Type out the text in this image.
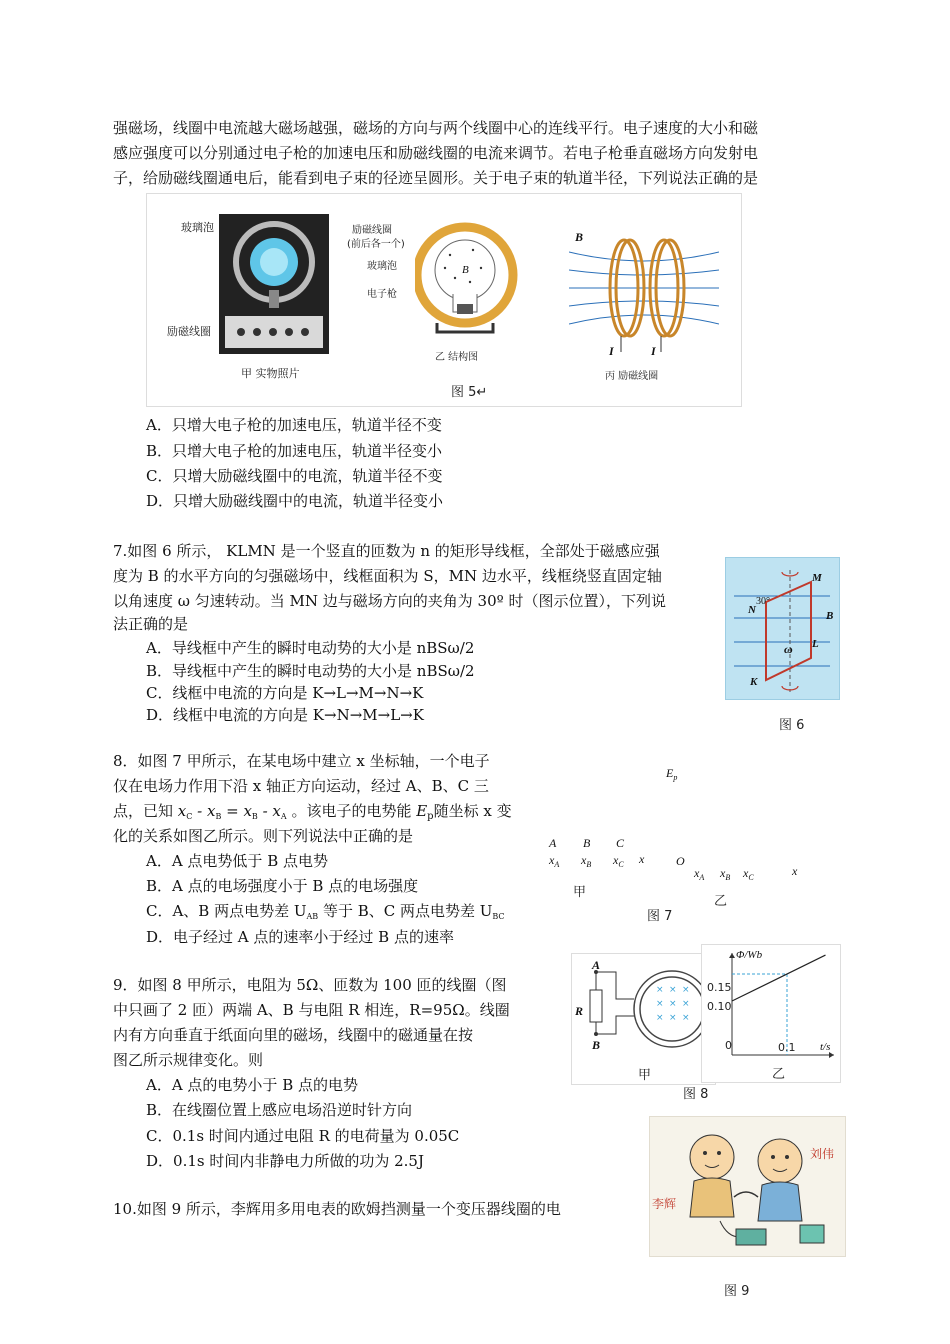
强磁场，线圈中电流越大磁场越强，磁场的方向与两个线圈中心的连线平行。电子速度的大小和磁
感应强度可以分别通过电子枪的加速电压和励磁线圈的电流来调节。若电子枪垂直磁场方向发射电
子，给励磁线圈通电后，能看到电子束的径迹呈圆形。关于电子束的轨道半径，下列说法正确的是
玻璃泡
励磁线圈
甲 实物照片
励磁线圈
(前后各一个)
玻璃泡
电子枪
B
乙 结构图
B
I	I
丙 励磁线圈
图 5↵
A．只增大电子枪的加速电压，轨道半径不变
B．只增大电子枪的加速电压，轨道半径变小
C．只增大励磁线圈中的电流，轨道半径不变
D．只增大励磁线圈中的电流，轨道半径变小
7.如图 6 所示， KLMN 是一个竖直的匝数为 n 的矩形导线框，全部处于磁感应强
度为 B 的水平方向的匀强磁场中，线框面积为 S，MN 边水平，线框绕竖直固定轴
以角速度 ω 匀速转动。当 MN 边与磁场方向的夹角为 30º 时（图示位置），下列说
法正确的是
A．导线框中产生的瞬时电动势的大小是 nBSω/2
B．导线框中产生的瞬时电动势的大小是 nBSω/2
C．线框中电流的方向是 K→L→M→N→K
D．线框中电流的方向是 K→N→M→L→K
30°
M
N	B
L
ω
K
图 6
8．如图 7 甲所示，在某电场中建立 x 坐标轴，一个电子
仅在电场力作用下沿 x 轴正方向运动，经过 A、B、C 三
点，已知 $x_C - x_B = x_B - x_A$ 。该电子的电势能 $E_p$随坐标 x 变
化的关系如图乙所示。则下列说法中正确的是
A．A 点电势低于 B 点电势
B．A 点的电场强度小于 B 点的电场强度
C．A、B 两点电势差 $U_{AB}$ 等于 B、C 两点电势差 $U_{BC}$
D．电子经过 A 点的速率小于经过 B 点的速率
$E_p$
A B C
$x_A$ $x_B$ $x_C$ x	O
$x_A$ $x_B$ $x_C$	x
甲
乙
图 7
9．如图 8 甲所示，电阻为 5Ω、匝数为 100 匝的线圈（图
中只画了 2 匝）两端 A、B 与电阻 R 相连，R=95Ω。线圈
内有方向垂直于纸面向里的磁场，线圈中的磁通量在按
图乙所示规律变化。则
A．A 点的电势小于 B 点的电势
B．在线圈位置上感应电场沿逆时针方向
C．0.1s 时间内通过电阻 R 的电荷量为 0.05C
D．0.1s 时间内非静电力所做的功为 2.5J
× × ×
× × ×
× × ×
A
B
R
甲
Φ/Wb
t/s
0.15
0.10
0.1
0
乙
图 8
10.如图 9 所示，李辉用多用电表的欧姆挡测量一个变压器线圈的电	李辉
刘伟
图 9
